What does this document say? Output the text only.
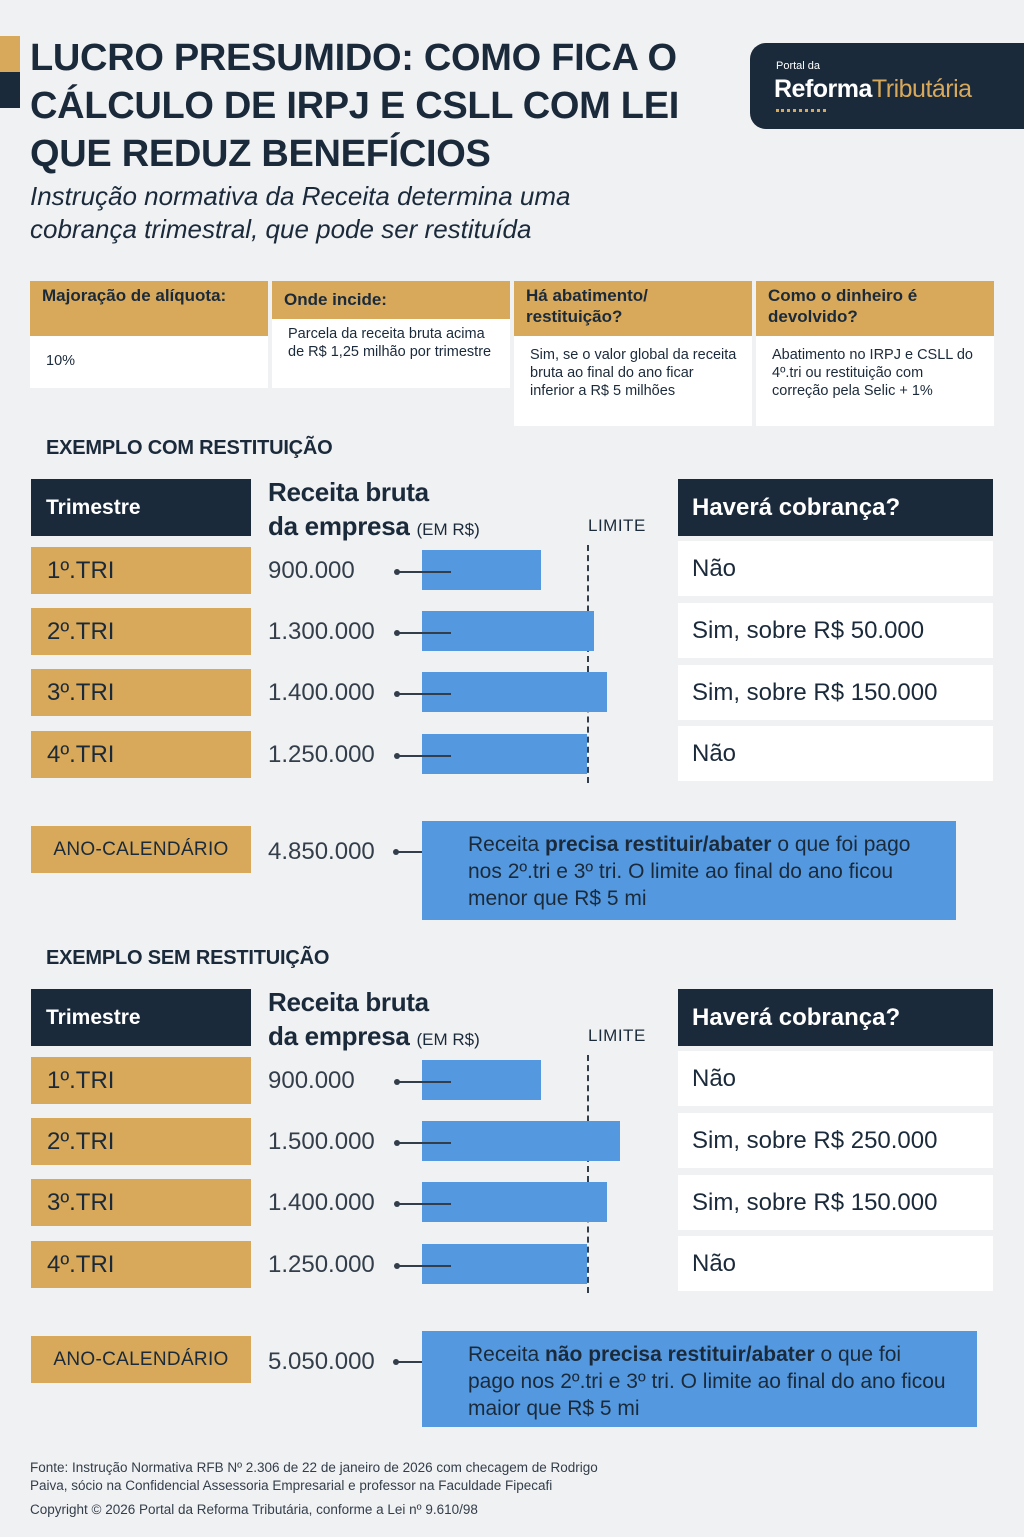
LUCRO PRESUMIDO: COMO FICA O
CÁLCULO DE IRPJ E CSLL COM LEI
QUE REDUZ BENEFÍCIOS
Instrução normativa da Receita determina uma
cobrança trimestral, que pode ser restituída
Portal da
ReformaTributária
Majoração de alíquota:
10%
Onde incide:
Parcela da receita bruta acima de R$ 1,25 milhão por trimestre
Há abatimento/ restituição?
Sim, se o valor global da receita bruta ao final do ano ficar inferior a R$ 5 milhões
Como o dinheiro é devolvido?
Abatimento no IRPJ e CSLL do 4º.tri ou restituição com correção pela Selic + 1%
EXEMPLO COM RESTITUIÇÃO
Trimestre	Receita bruta
da empresa (EM R$)	LIMITE
Haverá cobrança?
1º.TRI	900.000	Não
2º.TRI	1.300.000	Sim, sobre R$ 50.000
3º.TRI	1.400.000	Sim, sobre R$ 150.000
4º.TRI	1.250.000	Não
ANO-CALENDÁRIO	4.850.000	Receita precisa restituir/abater o que foi pago nos 2º.tri e 3º tri. O limite ao final do ano ficou menor que R$ 5 mi
EXEMPLO SEM RESTITUIÇÃO
Trimestre	Receita bruta
da empresa (EM R$)	LIMITE
Haverá cobrança?
1º.TRI	900.000	Não
2º.TRI	1.500.000	Sim, sobre R$ 250.000
3º.TRI	1.400.000	Sim, sobre R$ 150.000
4º.TRI	1.250.000	Não
ANO-CALENDÁRIO	5.050.000	Receita não precisa restituir/abater o que foi pago nos 2º.tri e 3º tri. O limite ao final do ano ficou maior que R$ 5 mi
Fonte: Instrução Normativa RFB Nº 2.306 de 22 de janeiro de 2026 com checagem de Rodrigo
Paiva, sócio na Confidencial Assessoria Empresarial e professor na Faculdade Fipecafi
Copyright © 2026 Portal da Reforma Tributária, conforme a Lei nº 9.610/98
